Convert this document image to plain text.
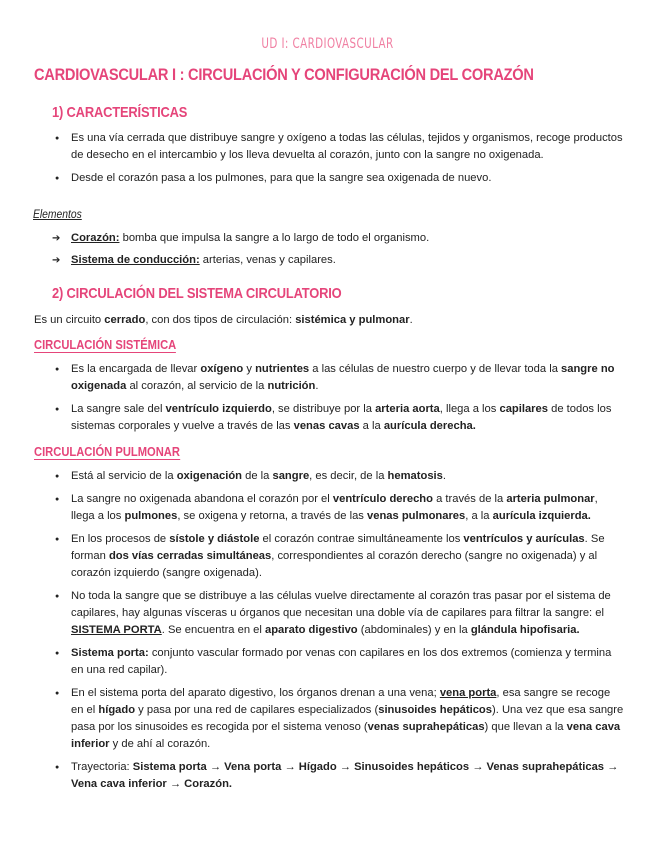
UD I: CARDIOVASCULAR
CARDIOVASCULAR I : CIRCULACIÓN Y CONFIGURACIÓN DEL CORAZÓN
1) CARACTERÍSTICAS
● Es una vía cerrada que distribuye sangre y oxígeno a todas las células, tejidos y organismos, recoge productos de desecho en el intercambio y los lleva devuelta al corazón, junto con la sangre no oxigenada.
● Desde el corazón pasa a los pulmones, para que la sangre sea oxigenada de nuevo.
Elementos
➔ Corazón: bomba que impulsa la sangre a lo largo de todo el organismo.
➔ Sistema de conducción: arterias, venas y capilares.
2) CIRCULACIÓN DEL SISTEMA CIRCULATORIO

Es un circuito cerrado, con dos tipos de circulación: sistémica y pulmonar.

CIRCULACIÓN SISTÉMICA
● Es la encargada de llevar oxígeno y nutrientes a las células de nuestro cuerpo y de llevar toda la sangre no oxigenada al corazón, al servicio de la nutrición.
● La sangre sale del ventrículo izquierdo, se distribuye por la arteria aorta, llega a los capilares de todos los sistemas corporales y vuelve a través de las venas cavas a la aurícula derecha.
CIRCULACIÓN PULMONAR
● Está al servicio de la oxigenación de la sangre, es decir, de la hematosis.
● La sangre no oxigenada abandona el corazón por el ventrículo derecho a través de la arteria pulmonar, llega a los pulmones, se oxigena y retorna, a través de las venas pulmonares, a la aurícula izquierda.
● En los procesos de sístole y diástole el corazón contrae simultáneamente los ventrículos y aurículas. Se forman dos vías cerradas simultáneas, correspondientes al corazón derecho (sangre no oxigenada) y al corazón izquierdo (sangre oxigenada).
● No toda la sangre que se distribuye a las células vuelve directamente al corazón tras pasar por el sistema de capilares, hay algunas vísceras u órganos que necesitan una doble vía de capilares para filtrar la sangre: el SISTEMA PORTA. Se encuentra en el aparato digestivo (abdominales) y en la glándula hipofisaria.
● Sistema porta: conjunto vascular formado por venas con capilares en los dos extremos (comienza y termina en una red capilar).
● En el sistema porta del aparato digestivo, los órganos drenan a una vena; vena porta, esa sangre se recoge en el hígado y pasa por una red de capilares especializados (sinusoides hepáticos). Una vez que esa sangre pasa por los sinusoides es recogida por el sistema venoso (venas suprahepáticas) que llevan a la vena cava inferior y de ahí al corazón.
● Trayectoria: Sistema porta → Vena porta → Hígado → Sinusoides hepáticos → Venas suprahepáticas → Vena cava inferior → Corazón.
